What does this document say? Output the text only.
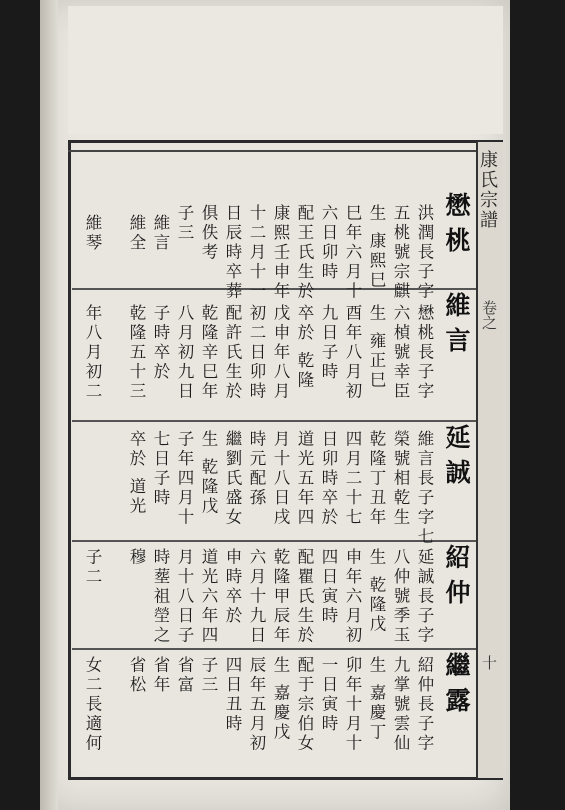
康氏宗譜
卷之
十
懋桃
洪潤長子字
五桃號宗麒
生 康熙巳
巳年六月十
六日卯時
配王氏生於
康熙壬申年
十二月十一
日辰時卒葬
俱佚考
子三
維言
維全
維琴
維言
懋桃長子字
六楨號幸臣
生 雍正巳
酉年八月初
九日子時
卒於 乾隆
戊申年八月
初二日卯時
配許氏生於
乾隆辛巳年
八月初九日
子時卒於
乾隆五十三
年八月初二
延誠
維言長子字七
榮號相乾生
乾隆丁丑年
四月二十七
日卯時卒於
道光五年四
月十八日戌
時元配孫
繼劉氏盛女
生 乾隆戊
子年四月十
七日子時
卒於 道光
紹仲
延誠長子字
八仲號季玉
生 乾隆戊
申年六月初
四日寅時
配瞿氏生於
乾隆甲辰年
六月十九日
申時卒於
道光六年四
月十八日子
時塟祖塋之
穆
子二
繼露
紹仲長子字
九掌號雲仙
生 嘉慶丁
卯年十月十
一日寅時
配于宗伯女
生 嘉慶戊
辰年五月初
四日丑時
子三
省富
省年
省松
女二長適何
